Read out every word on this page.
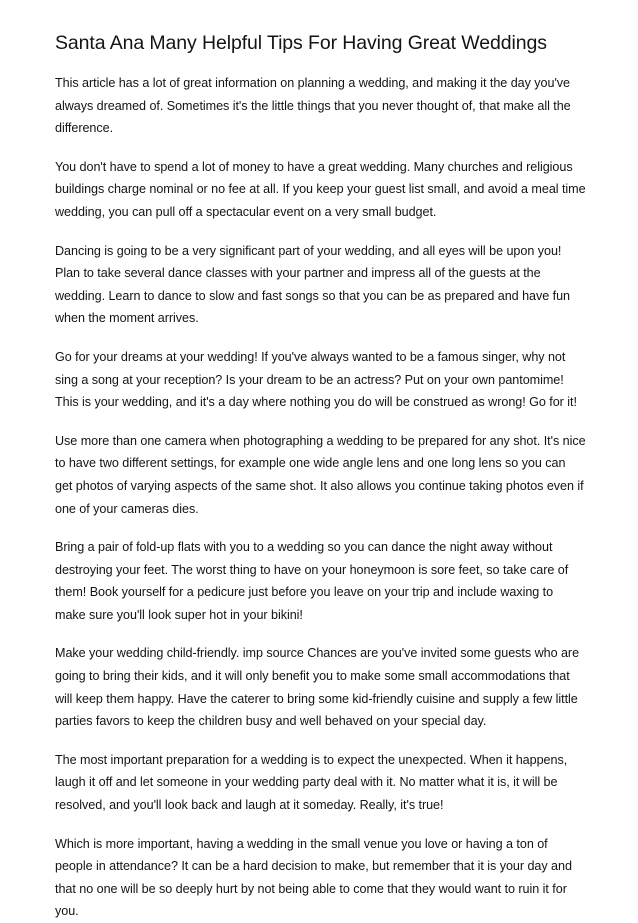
Santa Ana Many Helpful Tips For Having Great Weddings

This article has a lot of great information on planning a wedding, and making it the day you've always dreamed of. Sometimes it's the little things that you never thought of, that make all the difference.

You don't have to spend a lot of money to have a great wedding. Many churches and religious buildings charge nominal or no fee at all. If you keep your guest list small, and avoid a meal time wedding, you can pull off a spectacular event on a very small budget.

Dancing is going to be a very significant part of your wedding, and all eyes will be upon you! Plan to take several dance classes with your partner and impress all of the guests at the wedding. Learn to dance to slow and fast songs so that you can be as prepared and have fun when the moment arrives.

Go for your dreams at your wedding! If you've always wanted to be a famous singer, why not sing a song at your reception? Is your dream to be an actress? Put on your own pantomime! This is your wedding, and it's a day where nothing you do will be construed as wrong! Go for it!

Use more than one camera when photographing a wedding to be prepared for any shot. It's nice to have two different settings, for example one wide angle lens and one long lens so you can get photos of varying aspects of the same shot. It also allows you continue taking photos even if one of your cameras dies.

Bring a pair of fold-up flats with you to a wedding so you can dance the night away without destroying your feet. The worst thing to have on your honeymoon is sore feet, so take care of them! Book yourself for a pedicure just before you leave on your trip and include waxing to make sure you'll look super hot in your bikini!

Make your wedding child-friendly. imp source Chances are you've invited some guests who are going to bring their kids, and it will only benefit you to make some small accommodations that will keep them happy. Have the caterer to bring some kid-friendly cuisine and supply a few little parties favors to keep the children busy and well behaved on your special day.

The most important preparation for a wedding is to expect the unexpected. When it happens, laugh it off and let someone in your wedding party deal with it. No matter what it is, it will be resolved, and you'll look back and laugh at it someday. Really, it's true!

Which is more important, having a wedding in the small venue you love or having a ton of people in attendance? It can be a hard decision to make, but remember that it is your day and that no one will be so deeply hurt by not being able to come that they would want to ruin it for you.
